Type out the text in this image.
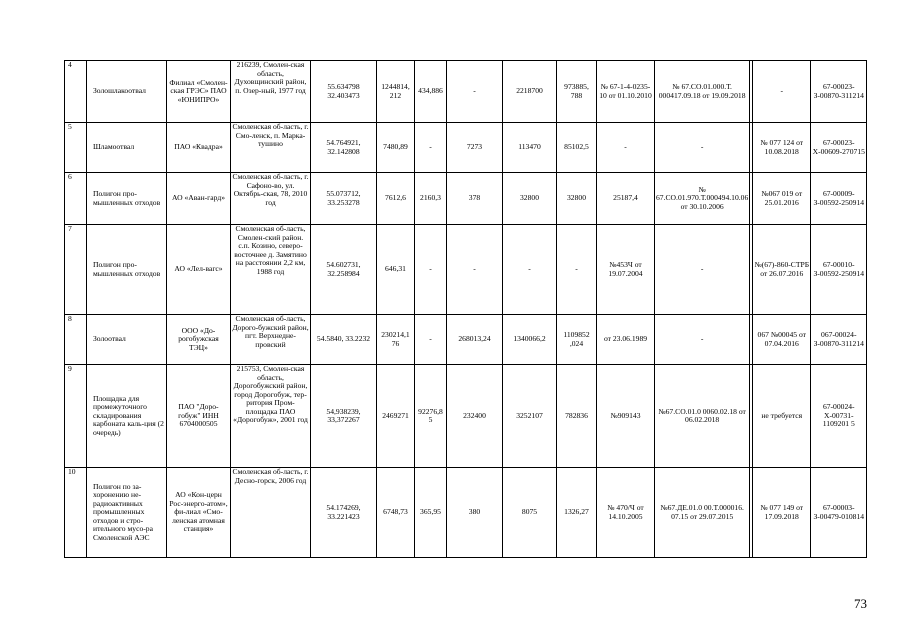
4	Золошлакоотвал	Филиал «Смолен-ская ГРЭС» ПАО «ЮНИПРО»	216239, Смолен-ская область, Духовщинский район, п. Озер-ный, 1977 год	55.634798 32.403473	1244814, 212	434,886	-	2218700	973885, 788	№ 67-1-4-0235-10 от 01.10.2010	№ 67.СО.01.000.Т. 000417.09.18 от 19.09.2018		-	67-00023-З-00870-311214
5	Шламоотвал	ПАО «Квадра»	Смоленская об-ласть, г. Смо-ленск, п. Марка-тушино	54.764921, 32.142808	7480,89	-	7273	113470	85102,5	-	-		№ 077 124 от 10.08.2018	67-00023-Х-00609-270715
6	Полигон про-мышленных отходов	АО «Аван-гард»	Смоленская об-ласть, г. Сафоно-во, ул. Октябрь-ская, 78, 2010 год	55.073712, 33.253278	7612,6	2160,3	378	32800	32800	25187,4	№ 67.СО.01.970.Т.000494.10.06 от 30.10.2006		№067 019 от 25.01.2016	67-00009-З-00592-250914
7	Полигон про-мышленных отходов	АО «Лел-вагс»	Смоленская об-ласть, Смолен-ский район. с.п. Козино, северо-восточнее д. Замятино на расстоянии 2,2 км, 1988 год	54.602731, 32.258984	646,31	-	-	-	-	№453Ч от 19.07.2004	-		№(67)-860-СТРБ от 26.07.2016	67-00010-З-00592-250914
8	Золоотвал	ООО «До-рогобужская ТЭЦ»	Смоленская об-ласть, Дорого-бужский район, пгт. Верхнедне-провский	54.5840, 33.2232	230214,1 76	-	268013,24	1340066,2	1109852 ,024	от 23.06.1989	-		067 №00045 от 07.04.2016	067-00024-З-00870-311214
9	Площадка для промежуточного складирования карбоната каль-ция (2 очередь)	ПАО "Доро-гобуж" ИНН 6704000505	215753, Смолен-ская область, Дорогобужский район, город Дорогобуж, тер-ритория Пром-площадка ПАО «Дорогобуж», 2001 год	54,938239, 33,372267	2469271	92276,8 5	232400	3252107	782836	№909143	№67.СО.01.0 0060.02.18 от 06.02.2018		не требуется	67-00024-Х-00731-1109201 5
10	Полигон по за-хоронению не-радиоактивных промышленных отходов и стро-ительного мусо-ра Смоленской АЭС	АО «Кон-церн Рос-энерго-атом», фи-лиал «Смо-ленская атомная станция»	Смоленская об-ласть, г. Десно-горск, 2006 год	54.174269, 33.221423	6748,73	365,95	380	8075	1326,27	№ 470/Ч от 14.10.2005	№67.ДЕ.01.0 00.Т.000016. 07.15 от 29.07.2015		№ 077 149 от 17.09.2018	67-00003-З-00479-010814
73
